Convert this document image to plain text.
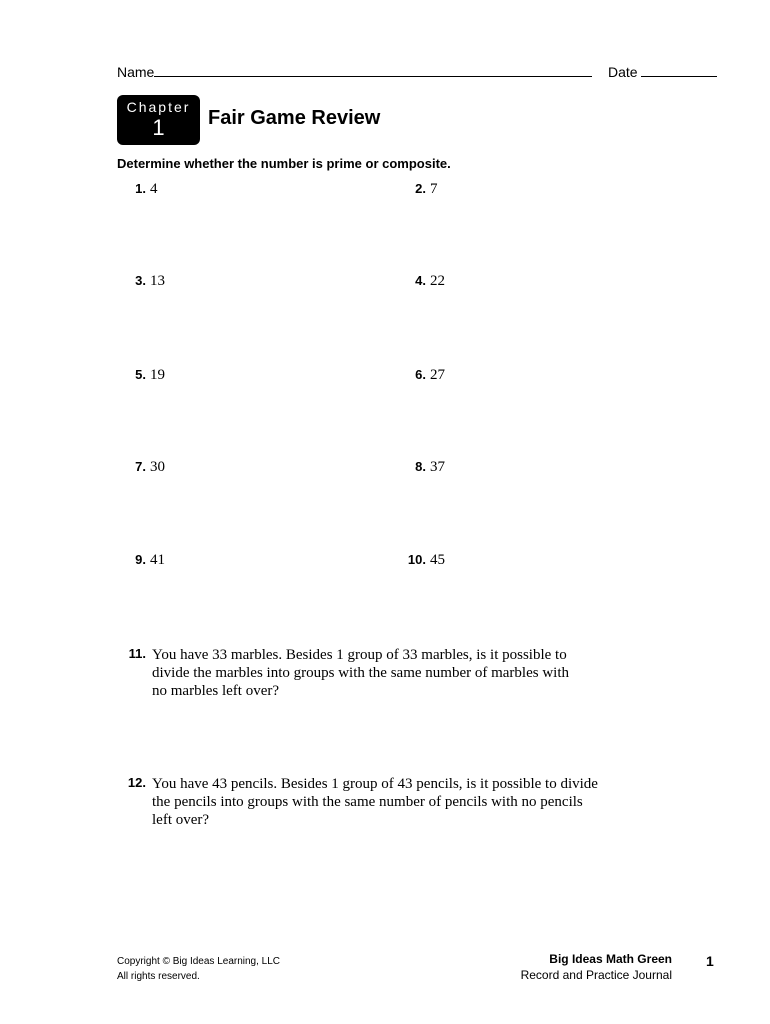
Name	Date
Chapter
1	Fair Game Review
Determine whether the number is prime or composite.
1. 4	2. 7
3. 13	4. 22
5. 19	6. 27
7. 30	8. 37
9. 41	10. 45
11. You have 33 marbles. Besides 1 group of 33 marbles, is it possible to
divide the marbles into groups with the same number of marbles with
no marbles left over?
12. You have 43 pencils. Besides 1 group of 43 pencils, is it possible to divide
the pencils into groups with the same number of pencils with no pencils
left over?
Copyright © Big Ideas Learning, LLC
All rights reserved.
Big Ideas Math Green
Record and Practice Journal
1
